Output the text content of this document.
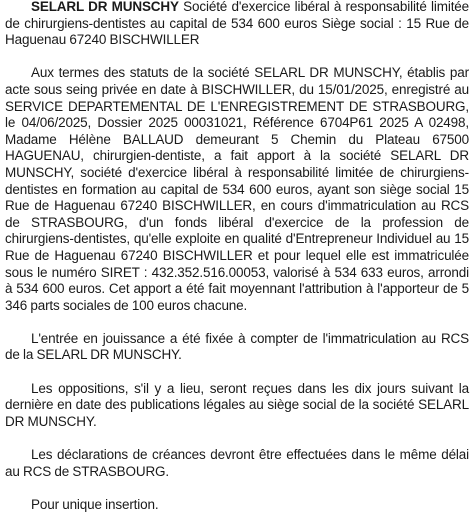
SELARL DR MUNSCHY Société d'exercice libéral à responsabilité limitée de chirurgiens-dentistes au capital de 534 600 euros Siège social : 15 Rue de Haguenau 67240 BISCHWILLER

Aux termes des statuts de la société SELARL DR MUNSCHY, établis par acte sous seing privée en date à BISCHWILLER, du 15/01/2025, enregistré au SERVICE DEPARTEMENTAL DE L'ENREGISTREMENT DE STRASBOURG, le 04/06/2025, Dossier 2025 00031021, Référence 6704P61 2025 A 02498, Madame Hélène BALLAUD demeurant 5 Chemin du Plateau 67500 HAGUENAU, chirurgien-dentiste, a fait apport à la société SELARL DR MUNSCHY, société d'exercice libéral à responsabilité limitée de chirurgiens-dentistes en formation au capital de 534 600 euros, ayant son siège social 15 Rue de Haguenau 67240 BISCHWILLER, en cours d'immatriculation au RCS de STRASBOURG, d'un fonds libéral d'exercice de la profession de chirurgiens-dentistes, qu'elle exploite en qualité d'Entrepreneur Individuel au 15 Rue de Haguenau 67240 BISCHWILLER et pour lequel elle est immatriculée sous le numéro SIRET : 432.352.516.00053, valorisé à 534 633 euros, arrondi à 534 600 euros. Cet apport a été fait moyennant l'attribution à l'apporteur de 5 346 parts sociales de 100 euros chacune.

L'entrée en jouissance a été fixée à compter de l'immatriculation au RCS de la SELARL DR MUNSCHY.

Les oppositions, s'il y a lieu, seront reçues dans les dix jours suivant la dernière en date des publications légales au siège social de la société SELARL DR MUNSCHY.

Les déclarations de créances devront être effectuées dans le même délai au RCS de STRASBOURG.

Pour unique insertion.
